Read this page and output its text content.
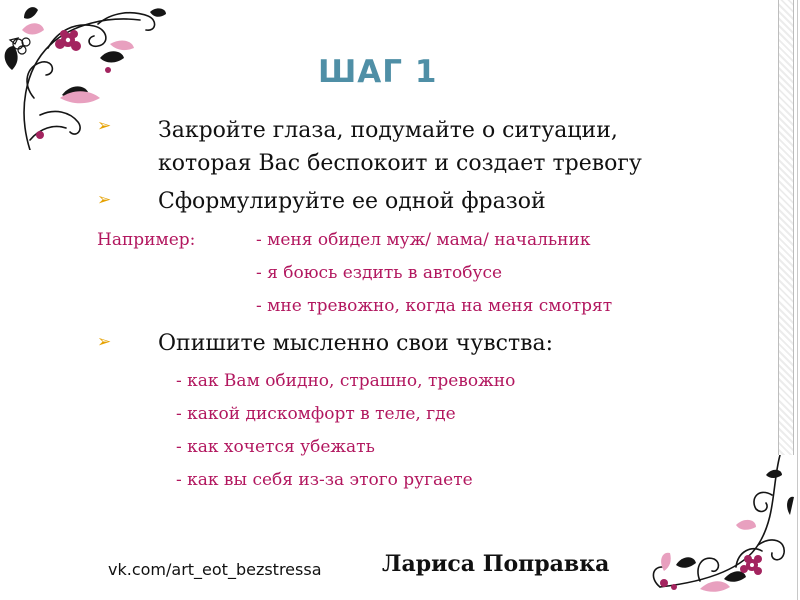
ШАГ 1
➢ Закройте глаза, подумайте о ситуации,
которая Вас беспокоит и создает тревогу
➢ Сформулируйте ее одной фразой
Например:	- меня обидел муж/ мама/ начальник
- я боюсь ездить в автобусе
- мне тревожно, когда на меня смотрят
➢ Опишите мысленно свои чувства:
- как Вам обидно, страшно, тревожно
- какой дискомфорт в теле, где
- как хочется убежать
- как вы себя из-за этого ругаете
vk.com/art_eot_bezstressa	Лариса Поправка
